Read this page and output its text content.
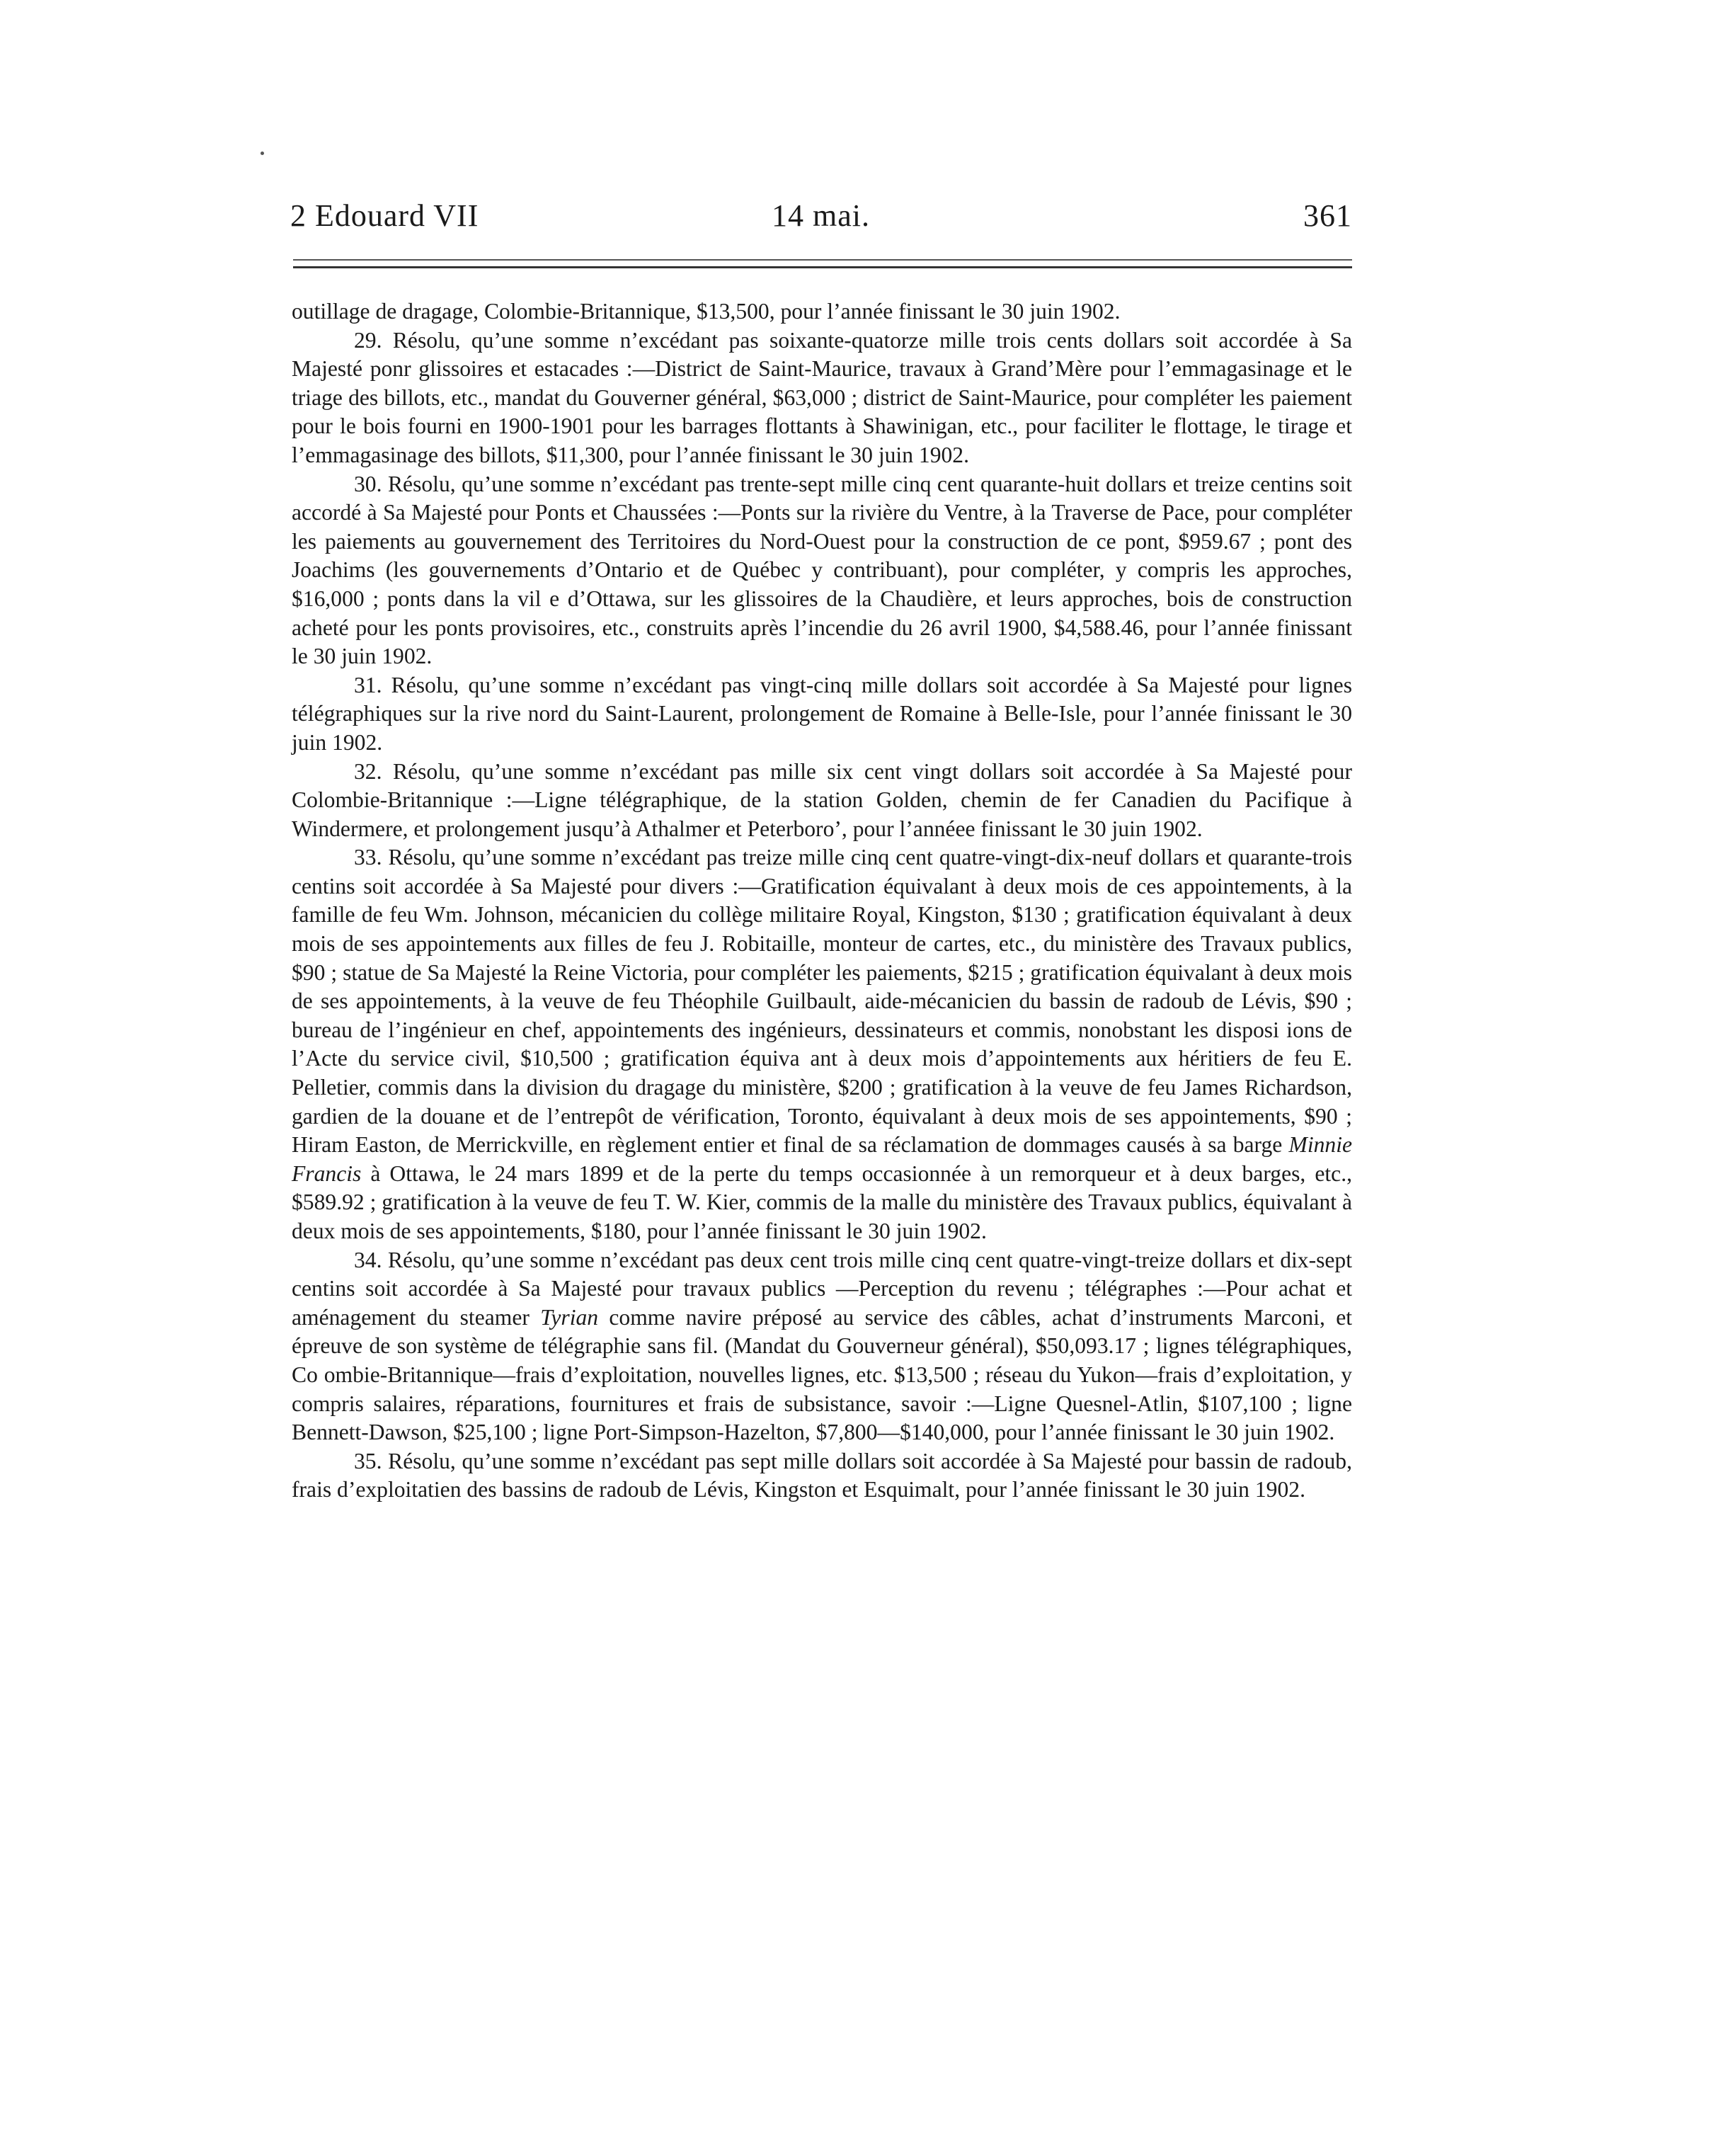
2 Edouard VII	14 mai.	361

outillage de dragage, Colombie-Britannique, $13,500, pour l’année finissant le 30 juin 1902.

29. Résolu, qu’une somme n’excédant pas soixante-quatorze mille trois cents dollars soit accordée à Sa Majesté ponr glissoires et estacades :—District de Saint-Maurice, travaux à Grand’Mère pour l’emmagasinage et le triage des billots, etc., mandat du Gouverner général, $63,000 ; district de Saint-Maurice, pour compléter les paiement pour le bois fourni en 1900-1901 pour les barrages flottants à Shawinigan, etc., pour faciliter le flottage, le tirage et l’emmagasinage des billots, $11,300, pour l’année finissant le 30 juin 1902.

30. Résolu, qu’une somme n’excédant pas trente-sept mille cinq cent quarante-huit dollars et treize centins soit accordé à Sa Majesté pour Ponts et Chaussées :—Ponts sur la rivière du Ventre, à la Traverse de Pace, pour compléter les paiements au gouvernement des Territoires du Nord-Ouest pour la construction de ce pont, $959.67 ; pont des Joachims (les gouvernements d’Ontario et de Québec y contribuant), pour compléter, y compris les approches, $16,000 ; ponts dans la vil e d’Ottawa, sur les glissoires de la Chaudière, et leurs approches, bois de construction acheté pour les ponts provisoires, etc., construits après l’incendie du 26 avril 1900, $4,588.46, pour l’année finissant le 30 juin 1902.

31. Résolu, qu’une somme n’excédant pas vingt-cinq mille dollars soit accordée à Sa Majesté pour lignes télégraphiques sur la rive nord du Saint-Laurent, prolongement de Romaine à Belle-Isle, pour l’année finissant le 30 juin 1902.

32. Résolu, qu’une somme n’excédant pas mille six cent vingt dollars soit accordée à Sa Majesté pour Colombie-Britannique :—Ligne télégraphique, de la station Golden, chemin de fer Canadien du Pacifique à Windermere, et prolongement jusqu’à Athalmer et Peterboro’, pour l’annéee finissant le 30 juin 1902.

33. Résolu, qu’une somme n’excédant pas treize mille cinq cent quatre-vingt-dix-neuf dollars et quarante-trois centins soit accordée à Sa Majesté pour divers :—Gratification équivalant à deux mois de ces appointements, à la famille de feu Wm. Johnson, mécanicien du collège militaire Royal, Kingston, $130 ; gratification équivalant à deux mois de ses appointements aux filles de feu J. Robitaille, monteur de cartes, etc., du ministère des Travaux publics, $90 ; statue de Sa Majesté la Reine Victoria, pour compléter les paiements, $215 ; gratification équivalant à deux mois de ses appointements, à la veuve de feu Théophile Guilbault, aide-mécanicien du bassin de radoub de Lévis, $90 ; bureau de l’ingénieur en chef, appointements des ingénieurs, dessinateurs et commis, nonobstant les disposi ions de l’Acte du service civil, $10,500 ; gratification équiva ant à deux mois d’appointements aux héritiers de feu E. Pelletier, commis dans la division du dragage du ministère, $200 ; gratification à la veuve de feu James Richardson, gardien de la douane et de l’entrepôt de vérification, Toronto, équivalant à deux mois de ses appointements, $90 ; Hiram Easton, de Merrickville, en règlement entier et final de sa réclamation de dommages causés à sa barge Minnie Francis à Ottawa, le 24 mars 1899 et de la perte du temps occasionnée à un remorqueur et à deux barges, etc., $589.92 ; gratification à la veuve de feu T. W. Kier, commis de la malle du ministère des Travaux publics, équivalant à deux mois de ses appointements, $180, pour l’année finissant le 30 juin 1902.

34. Résolu, qu’une somme n’excédant pas deux cent trois mille cinq cent quatre-vingt-treize dollars et dix-sept centins soit accordée à Sa Majesté pour travaux publics —Perception du revenu ; télégraphes :—Pour achat et aménagement du steamer Tyrian comme navire préposé au service des câbles, achat d’instruments Marconi, et épreuve de son système de télégraphie sans fil. (Mandat du Gouverneur général), $50,093.17 ; lignes télégraphiques, Co ombie-Britannique—frais d’exploitation, nouvelles lignes, etc. $13,500 ; réseau du Yukon—frais d’exploitation, y compris salaires, réparations, fournitures et frais de subsistance, savoir :—Ligne Quesnel-Atlin, $107,100 ; ligne Bennett-Dawson, $25,100 ; ligne Port-Simpson-Hazelton, $7,800—$140,000, pour l’année finissant le 30 juin 1902.

35. Résolu, qu’une somme n’excédant pas sept mille dollars soit accordée à Sa Majesté pour bassin de radoub, frais d’exploitatien des bassins de radoub de Lévis, Kingston et Esquimalt, pour l’année finissant le 30 juin 1902.
